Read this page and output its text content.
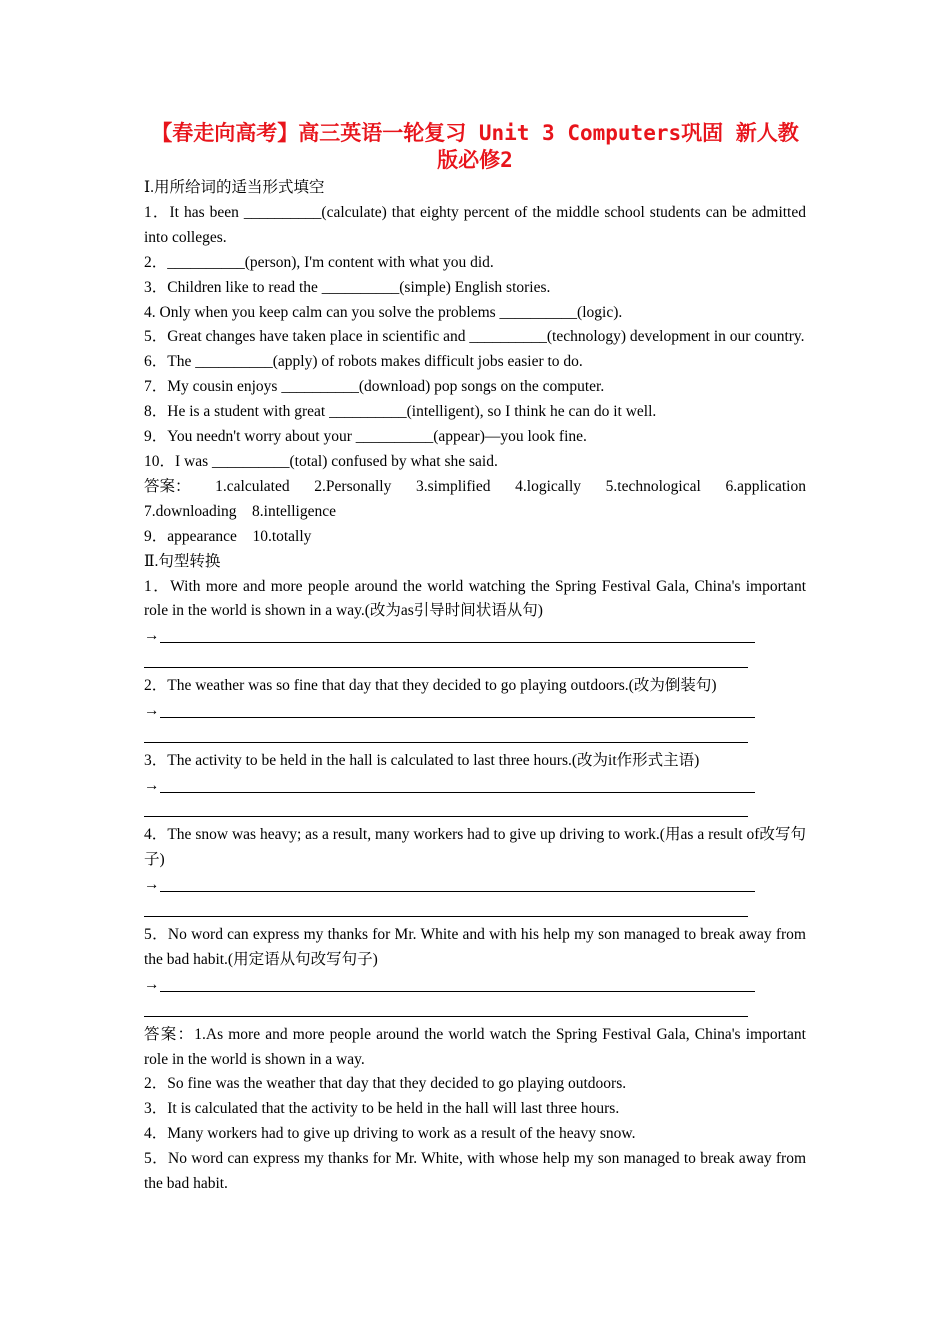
【春走向高考】高三英语一轮复习 Unit 3 Computers巩固 新人教版必修2

Ⅰ.用所给词的适当形式填空

1．It has been __________(calculate) that eighty percent of the middle school students can be admitted into colleges.

2．__________(person), I'm content with what you did.

3．Children like to read the __________(simple) English stories.

4. Only when you keep calm can you solve the problems __________(logic).

5．Great changes have taken place in scientific and __________(technology) development in our country.

6．The __________(apply) of robots makes difficult jobs easier to do.

7．My cousin enjoys __________(download) pop songs on the computer.

8．He is a student with great __________(intelligent), so I think he can do it well.

9．You needn't worry about your __________(appear)—you look fine.

10．I was __________(total) confused by what she said.

答案： 1.calculated 2.Personally 3.simplified 4.logically 5.technological 6.application

7.downloading　8.intelligence

9．appearance　10.totally

Ⅱ.句型转换

1．With more and more people around the world watching the Spring Festival Gala, China's important role in the world is shown in a way.(改为as引导时间状语从句)

→

2．The weather was so fine that day that they decided to go playing outdoors.(改为倒装句)

→

3．The activity to be held in the hall is calculated to last three hours.(改为it作形式主语)

→

4．The snow was heavy; as a result, many workers had to give up driving to work.(用as a result of改写句子)

→

5．No word can express my thanks for Mr. White and with his help my son managed to break away from the bad habit.(用定语从句改写句子)

→

答案：1.As more and more people around the world watch the Spring Festival Gala, China's important role in the world is shown in a way.

2．So fine was the weather that day that they decided to go playing outdoors.

3．It is calculated that the activity to be held in the hall will last three hours.

4．Many workers had to give up driving to work as a result of the heavy snow.

5．No word can express my thanks for Mr. White, with whose help my son managed to break away from the bad habit.
